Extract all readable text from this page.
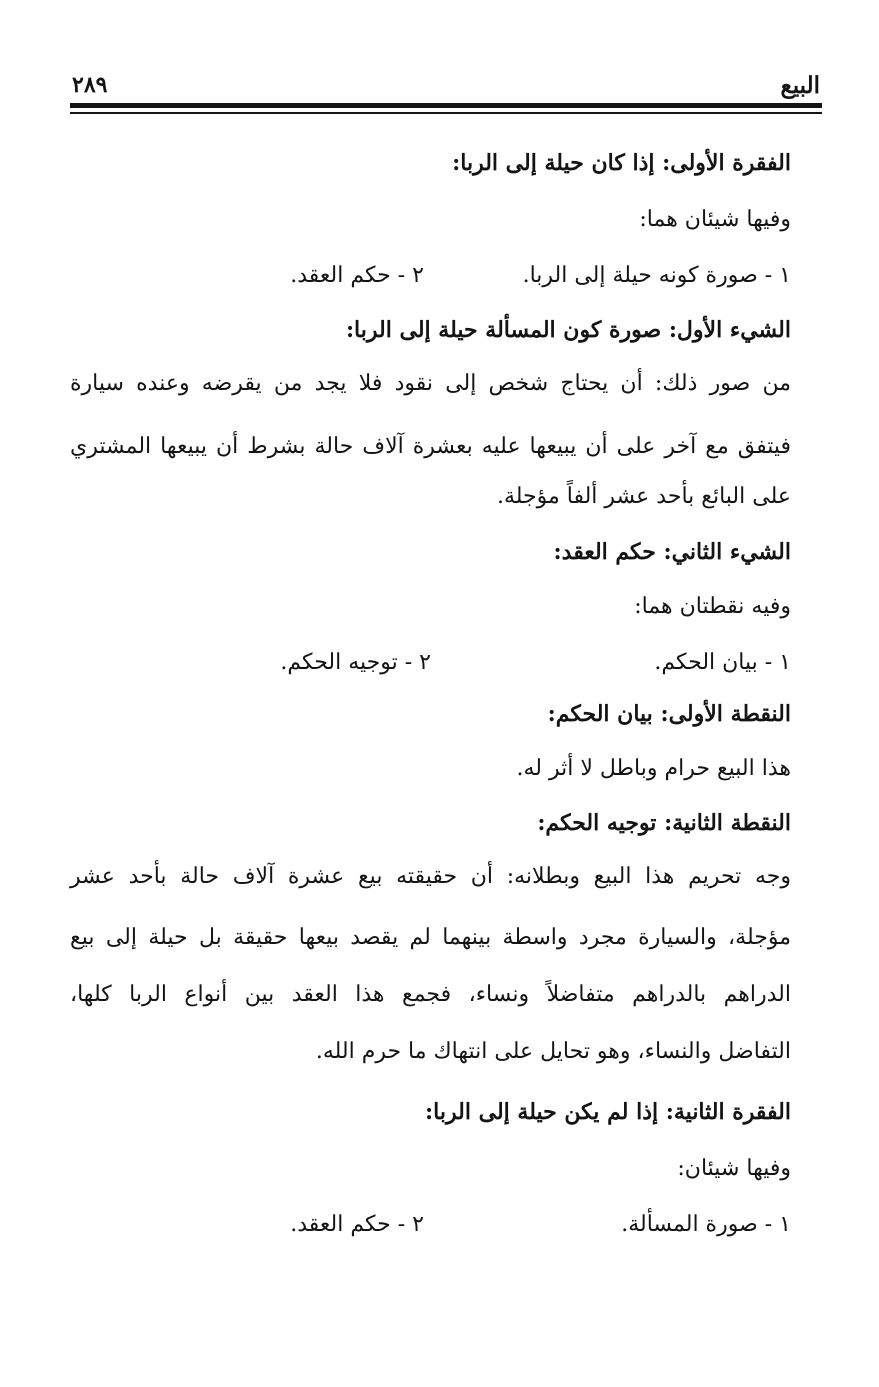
البيع
٢٨٩
الفقرة الأولى: إذا كان حيلة إلى الربا:
وفيها شيئان هما:
١ - صورة كونه حيلة إلى الربا.
٢ - حكم العقد.
الشيء الأول: صورة كون المسألة حيلة إلى الربا:
من صور ذلك: أن يحتاج شخص إلى نقود فلا يجد من يقرضه وعنده سيارة
فيتفق مع آخر على أن يبيعها عليه بعشرة آلاف حالة بشرط أن يبيعها المشتري
على البائع بأحد عشر ألفاً مؤجلة.
الشيء الثاني: حكم العقد:
وفيه نقطتان هما:
١ - بيان الحكم.
٢ - توجيه الحكم.
النقطة الأولى: بيان الحكم:
هذا البيع حرام وباطل لا أثر له.
النقطة الثانية: توجيه الحكم:
وجه تحريم هذا البيع وبطلانه: أن حقيقته بيع عشرة آلاف حالة بأحد عشر
مؤجلة، والسيارة مجرد واسطة بينهما لم يقصد بيعها حقيقة بل حيلة إلى بيع
الدراهم بالدراهم متفاضلاً ونساء، فجمع هذا العقد بين أنواع الربا كلها،
التفاضل والنساء، وهو تحايل على انتهاك ما حرم الله.
الفقرة الثانية: إذا لم يكن حيلة إلى الربا:
وفيها شيئان:
١ - صورة المسألة.
٢ - حكم العقد.
